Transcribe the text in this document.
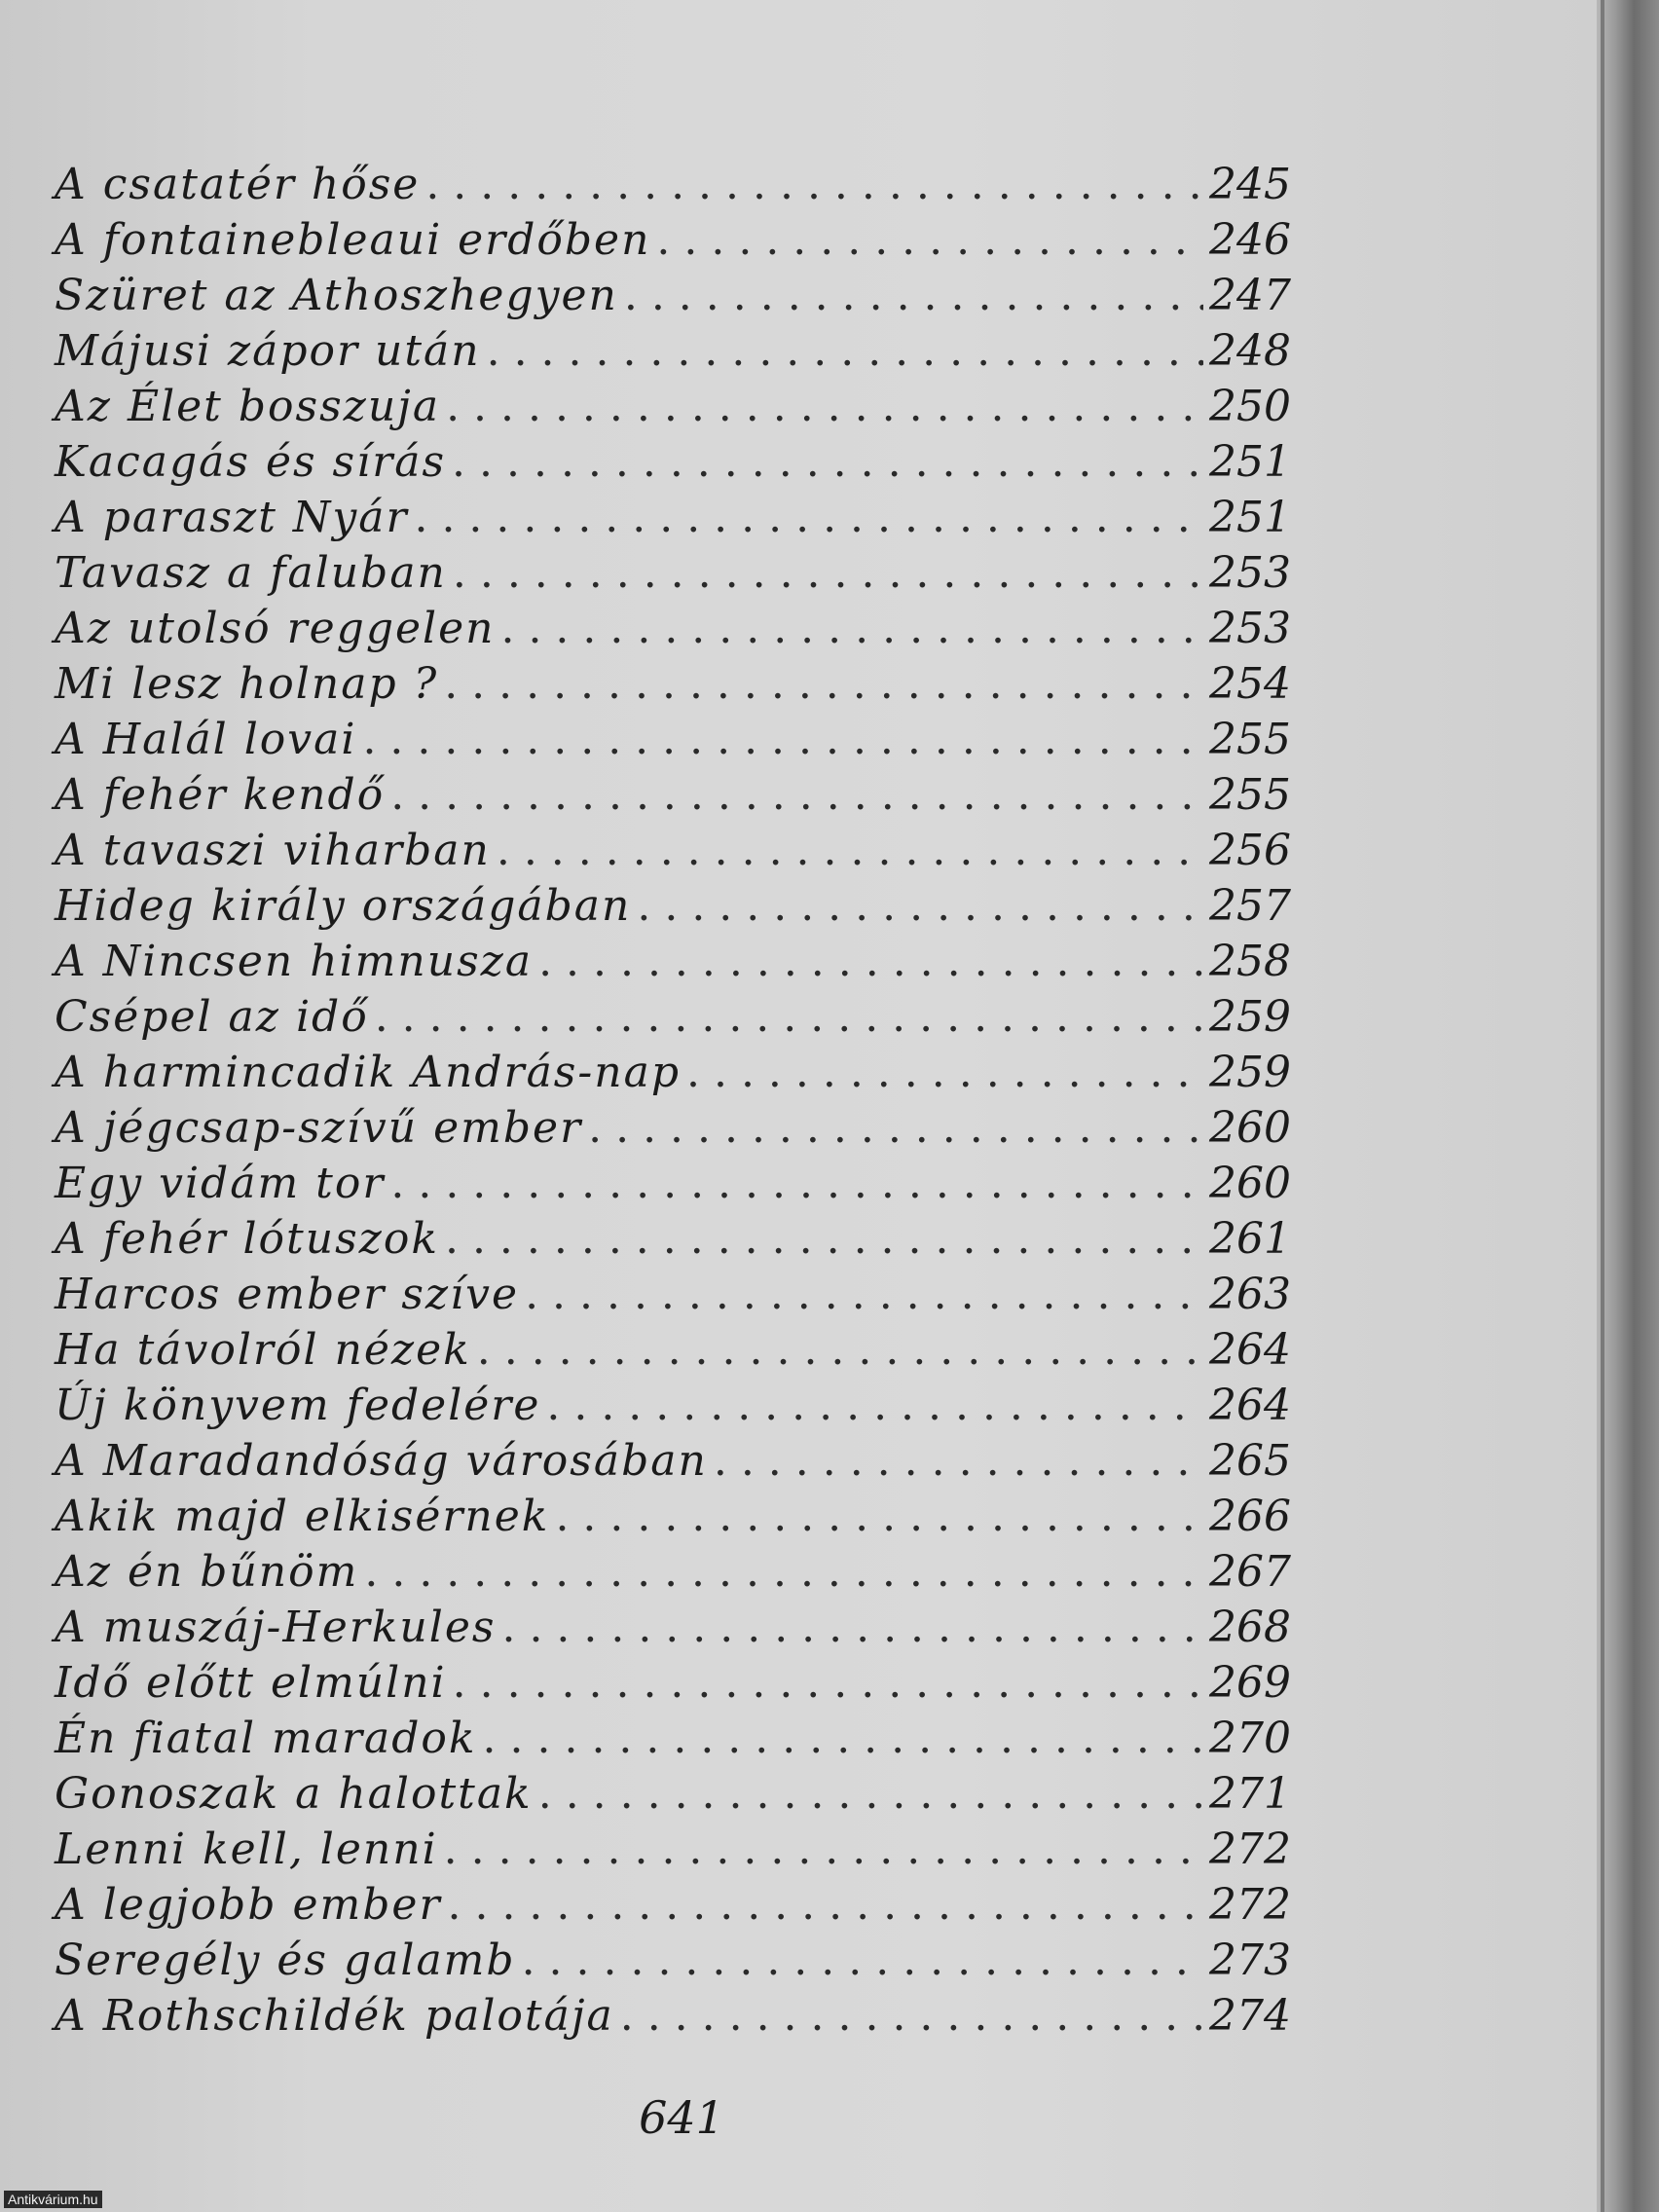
A csatatér hőse . . .	245
A fontainebleaui erdőben . . .	246
Szüret az Athoszhegyen . . .	247
Májusi zápor után . . .	248
Az Élet bosszuja . . .	250
Kacagás és sírás . . .	251
A paraszt Nyár . . .	251
Tavasz a faluban . . .	253
Az utolsó reggelen . . .	253
Mi lesz holnap ? . . .	254
A Halál lovai . . .	255
A fehér kendő . . .	255
A tavaszi viharban . . .	256
Hideg király országában . . .	257
A Nincsen himnusza . . .	258
Csépel az idő . . .	259
A harmincadik András-nap . . .	259
A jégcsap-szívű ember . . .	260
Egy vidám tor . . .	260
A fehér lótuszok . . .	261
Harcos ember szíve . . .	263
Ha távolról nézek . . .	264
Új könyvem fedelére . . .	264
A Maradandóság városában . . .	265
Akik majd elkisérnek . . .	266
Az én bűnöm . . .	267
A muszáj-Herkules . . .	268
Idő előtt elmúlni . . .	269
Én fiatal maradok . . .	270
Gonoszak a halottak . . .	271
Lenni kell, lenni . . .	272
A legjobb ember . . .	272
Seregély és galamb . . .	273
A Rothschildék palotája . . .	274
641
Antikvárium.hu
